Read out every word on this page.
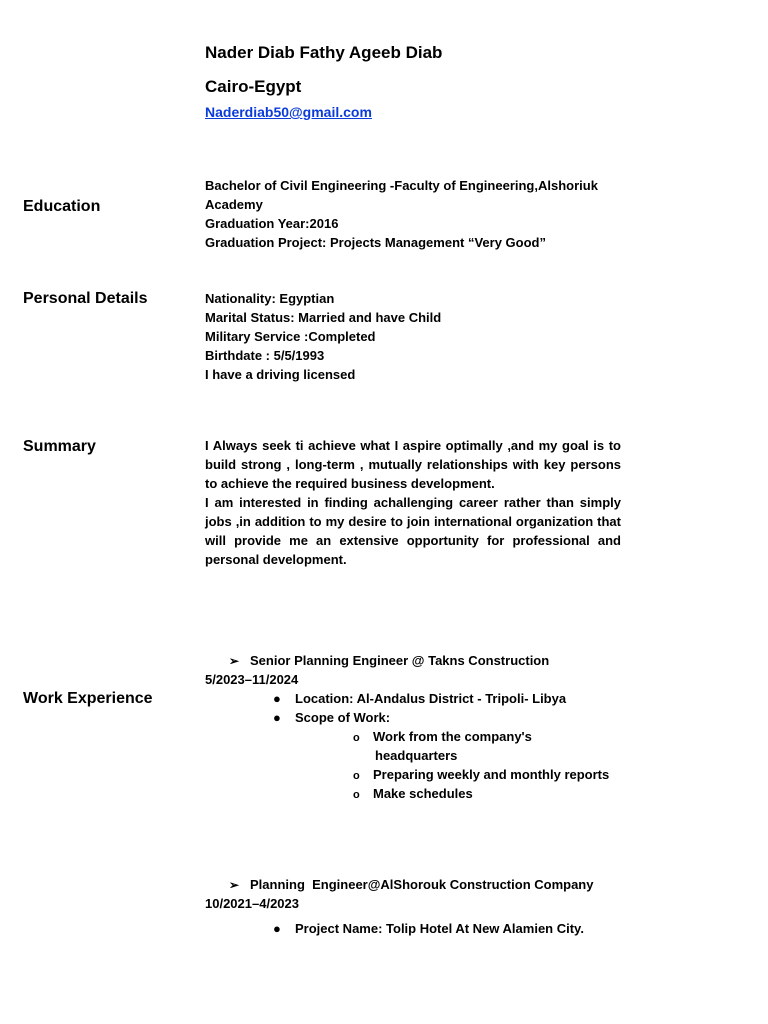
Nader Diab Fathy Ageeb Diab
Cairo-Egypt
Naderdiab50@gmail.com
Education
Bachelor of Civil Engineering -Faculty of Engineering,Alshoriuk
Academy
Graduation Year:2016
Graduation Project: Projects Management “Very Good”
Personal Details	Nationality: Egyptian
Marital Status: Married and have Child
Military Service :Completed
Birthdate : 5/5/1993
I have a driving licensed
Summary	I Always seek ti achieve what I aspire optimally ,and my goal is to build strong , long-term , mutually relationships with key persons to achieve the required business development.

I am interested in finding achallenging career rather than simply jobs ,in addition to my desire to join international organization that will provide me an extensive opportunity for professional and personal development.

Work Experience
➢ Senior Planning Engineer @ Takns Construction
5/2023–11/2024
● Location: Al-Andalus District - Tripoli- Libya
● Scope of Work:
o Work from the company's
headquarters
o Preparing weekly and monthly reports
o Make schedules
➢ Planning  Engineer@AlShorouk Construction Company
10/2021–4/2023
● Project Name: Tolip Hotel At New Alamien City.
